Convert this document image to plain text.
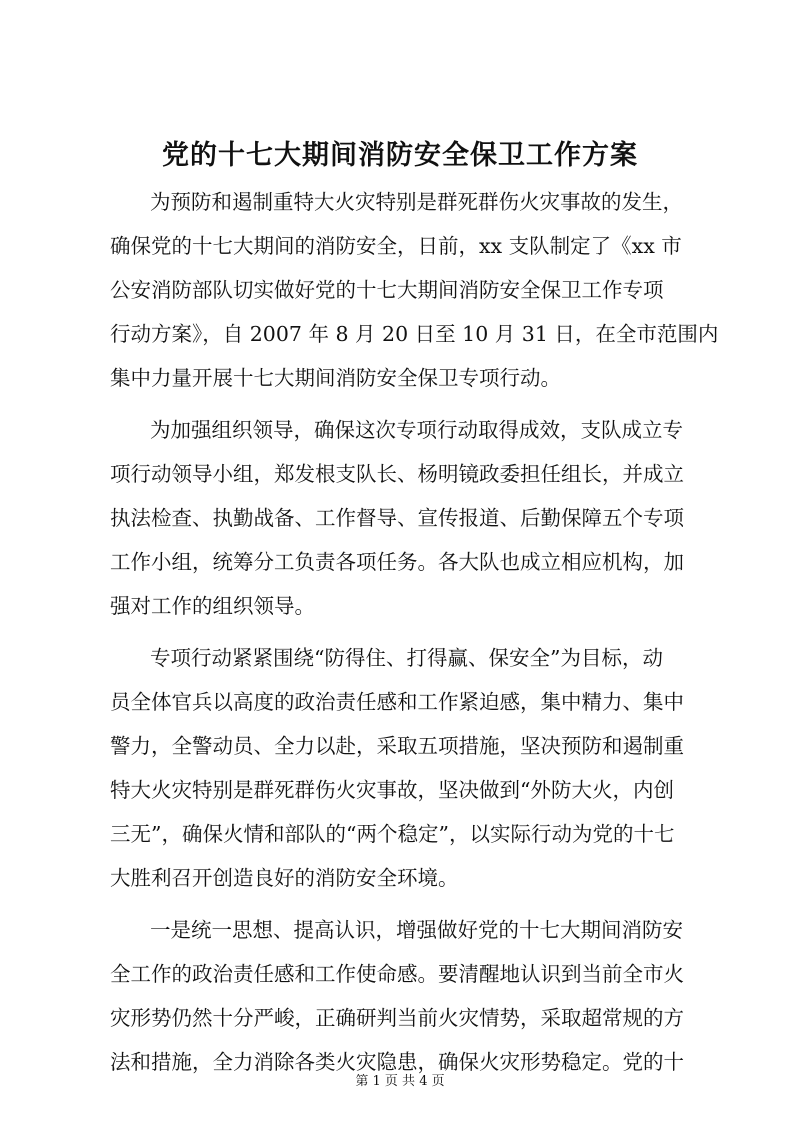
党的十七大期间消防安全保卫工作方案
为预防和遏制重特大火灾特别是群死群伤火灾事故的发生，
确保党的十七大期间的消防安全，日前，xx 支队制定了《xx 市
公安消防部队切实做好党的十七大期间消防安全保卫工作专项
行动方案》，自 2007 年 8 月 20 日至 10 月 31 日，在全市范围内
集中力量开展十七大期间消防安全保卫专项行动。
为加强组织领导，确保这次专项行动取得成效，支队成立专
项行动领导小组，郑发根支队长、杨明镜政委担任组长，并成立
执法检查、执勤战备、工作督导、宣传报道、后勤保障五个专项
工作小组，统筹分工负责各项任务。各大队也成立相应机构，加
强对工作的组织领导。
专项行动紧紧围绕“防得住、打得赢、保安全”为目标，动
员全体官兵以高度的政治责任感和工作紧迫感，集中精力、集中
警力，全警动员、全力以赴，采取五项措施，坚决预防和遏制重
特大火灾特别是群死群伤火灾事故，坚决做到“外防大火，内创
三无”，确保火情和部队的“两个稳定”，以实际行动为党的十七
大胜利召开创造良好的消防安全环境。
一是统一思想、提高认识，增强做好党的十七大期间消防安
全工作的政治责任感和工作使命感。要清醒地认识到当前全市火
灾形势仍然十分严峻，正确研判当前火灾情势，采取超常规的方
法和措施，全力消除各类火灾隐患，确保火灾形势稳定。党的十
第 1 页 共 4 页
